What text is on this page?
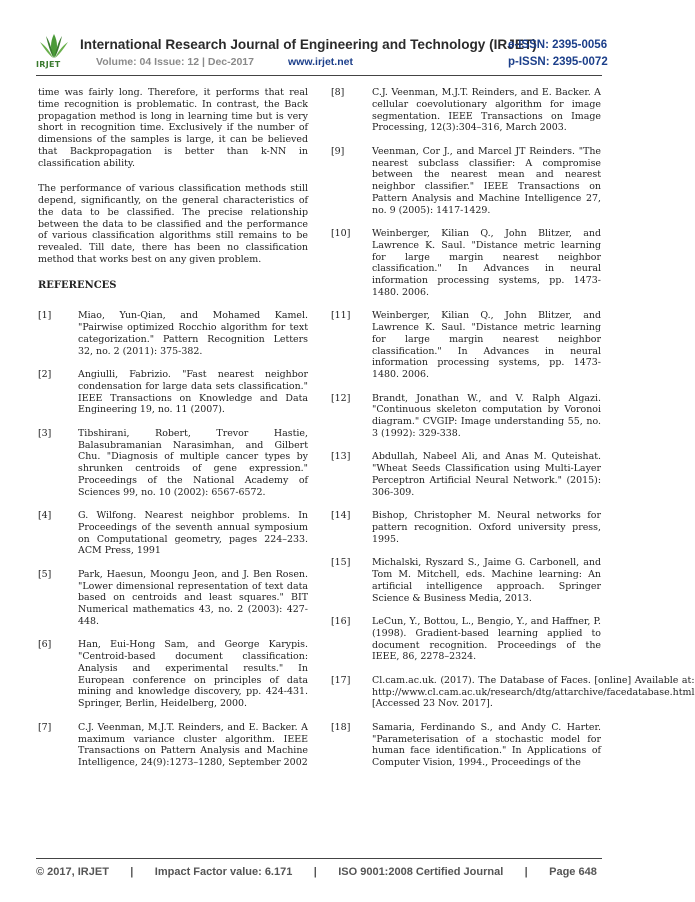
IRJET
International Research Journal of Engineering and Technology (IRJET)
e-ISSN: 2395-0056
Volume: 04 Issue: 12 | Dec-2017	www.irjet.net	p-ISSN: 2395-0072

time was fairly long. Therefore, it performs that real time recognition is problematic. In contrast, the Back propagation method is long in learning time but is very short in recognition time. Exclusively if the number of dimensions of the samples is large, it can be believed that Backpropagation is better than k-NN in classification ability.

The performance of various classification methods still depend, significantly, on the general characteristics of the data to be classified. The precise relationship between the data to be classified and the performance of various classification algorithms still remains to be revealed. Till date, there has been no classification method that works best on any given problem.

REFERENCES
[1]	Miao, Yun-Qian, and Mohamed Kamel. "Pairwise optimized Rocchio algorithm for text categorization." Pattern Recognition Letters 32, no. 2 (2011): 375-382.
[2]	Angiulli, Fabrizio. "Fast nearest neighbor condensation for large data sets classification." IEEE Transactions on Knowledge and Data Engineering 19, no. 11 (2007).
[3]	Tibshirani, Robert, Trevor Hastie, Balasubramanian Narasimhan, and Gilbert Chu. "Diagnosis of multiple cancer types by shrunken centroids of gene expression." Proceedings of the National Academy of Sciences 99, no. 10 (2002): 6567-6572.
[4]	G. Wilfong. Nearest neighbor problems. In Proceedings of the seventh annual symposium on Computational geometry, pages 224–233. ACM Press, 1991
[5]	Park, Haesun, Moongu Jeon, and J. Ben Rosen. "Lower dimensional representation of text data based on centroids and least squares." BIT Numerical mathematics 43, no. 2 (2003): 427-448.
[6]	Han, Eui-Hong Sam, and George Karypis. "Centroid-based document classification: Analysis and experimental results." In European conference on principles of data mining and knowledge discovery, pp. 424-431. Springer, Berlin, Heidelberg, 2000.
[7]	C.J. Veenman, M.J.T. Reinders, and E. Backer. A maximum variance cluster algorithm. IEEE Transactions on Pattern Analysis and Machine Intelligence, 24(9):1273–1280, September 2002
[8]	C.J. Veenman, M.J.T. Reinders, and E. Backer. A cellular coevolutionary algorithm for image segmentation. IEEE Transactions on Image Processing, 12(3):304–316, March 2003.
[9]	Veenman, Cor J., and Marcel JT Reinders. "The nearest subclass classifier: A compromise between the nearest mean and nearest neighbor classifier." IEEE Transactions on Pattern Analysis and Machine Intelligence 27, no. 9 (2005): 1417-1429.
[10]	Weinberger, Kilian Q., John Blitzer, and Lawrence K. Saul. "Distance metric learning for large margin nearest neighbor classification." In Advances in neural information processing systems, pp. 1473-1480. 2006.
[11]	Weinberger, Kilian Q., John Blitzer, and Lawrence K. Saul. "Distance metric learning for large margin nearest neighbor classification." In Advances in neural information processing systems, pp. 1473-1480. 2006.
[12]	Brandt, Jonathan W., and V. Ralph Algazi. "Continuous skeleton computation by Voronoi diagram." CVGIP: Image understanding 55, no. 3 (1992): 329-338.
[13]	Abdullah, Nabeel Ali, and Anas M. Quteishat. "Wheat Seeds Classification using Multi-Layer Perceptron Artificial Neural Network." (2015): 306-309.
[14]	Bishop, Christopher M. Neural networks for pattern recognition. Oxford university press, 1995.
[15]	Michalski, Ryszard S., Jaime G. Carbonell, and Tom M. Mitchell, eds. Machine learning: An artificial intelligence approach. Springer Science & Business Media, 2013.
[16]	LeCun, Y., Bottou, L., Bengio, Y., and Haffner, P. (1998). Gradient-based learning applied to document recognition. Proceedings of the IEEE, 86, 2278–2324.
[17]	Cl.cam.ac.uk. (2017). The Database of Faces. [online] Available at: http://www.cl.cam.ac.uk/research/dtg/attarchive/facedatabase.html [Accessed 23 Nov. 2017].
[18]	Samaria, Ferdinando S., and Andy C. Harter. "Parameterisation of a stochastic model for human face identification." In Applications of Computer Vision, 1994., Proceedings of the
© 2017, IRJET       |       Impact Factor value: 6.171       |       ISO 9001:2008 Certified Journal       |       Page 648
